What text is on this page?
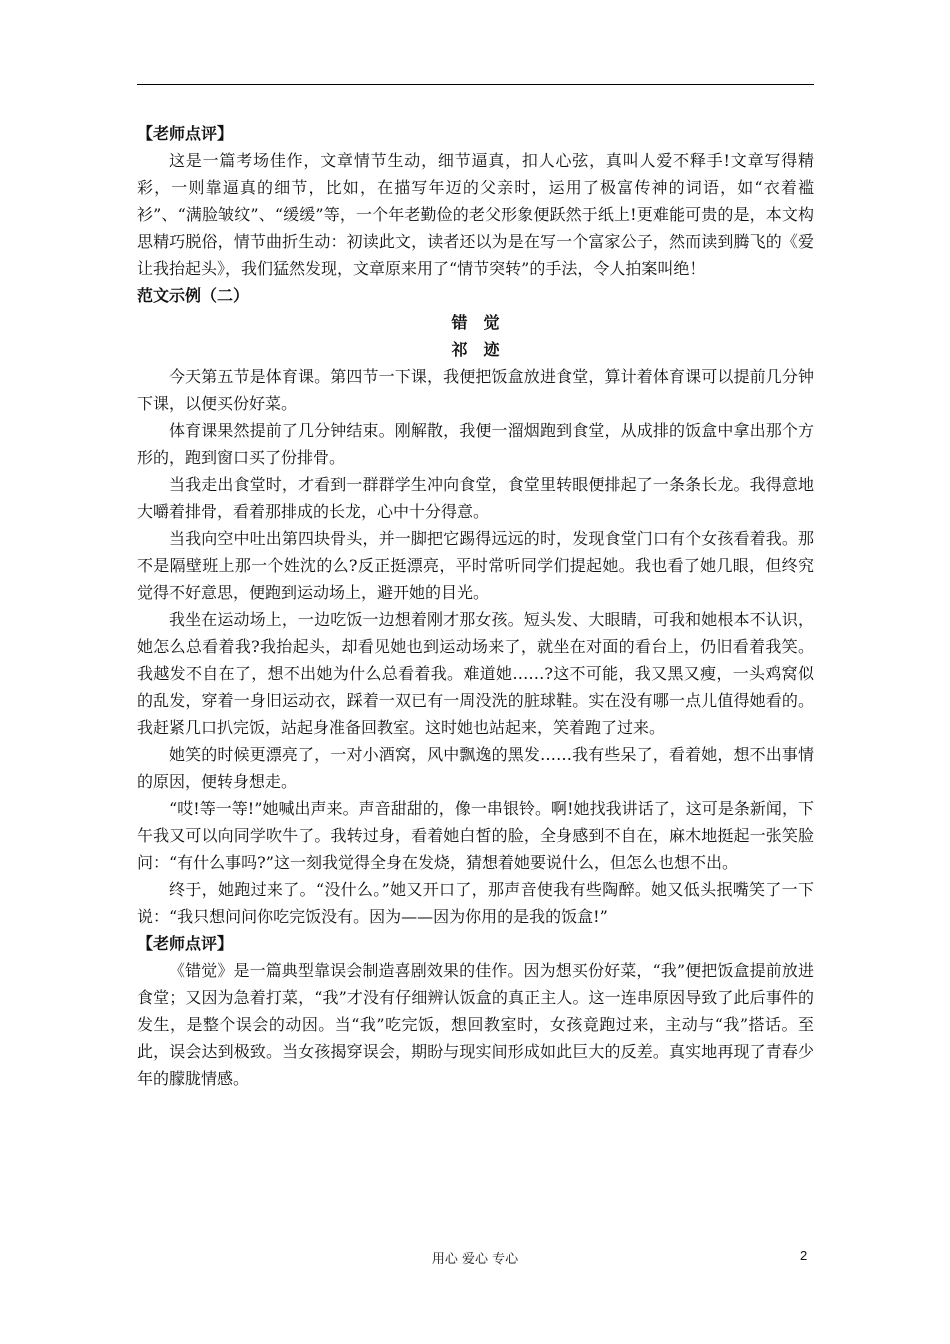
【老师点评】

这是一篇考场佳作，文章情节生动，细节逼真，扣人心弦，真叫人爱不释手!文章写得精彩，一则靠逼真的细节，比如，在描写年迈的父亲时，运用了极富传神的词语，如“衣着褴衫”、“满脸皱纹”、“缓缓”等，一个年老勤俭的老父形象便跃然于纸上!更难能可贵的是，本文构思精巧脱俗，情节曲折生动：初读此文，读者还以为是在写一个富家公子，然而读到腾飞的《爱让我抬起头》，我们猛然发现，文章原来用了“情节突转”的手法，令人拍案叫绝！

范文示例（二）
错　觉
祁　迹

今天第五节是体育课。第四节一下课，我便把饭盒放进食堂，算计着体育课可以提前几分钟下课，以便买份好菜。

体育课果然提前了几分钟结束。刚解散，我便一溜烟跑到食堂，从成排的饭盒中拿出那个方形的，跑到窗口买了份排骨。

当我走出食堂时，才看到一群群学生冲向食堂，食堂里转眼便排起了一条条长龙。我得意地大嚼着排骨，看着那排成的长龙，心中十分得意。

当我向空中吐出第四块骨头，并一脚把它踢得远远的时，发现食堂门口有个女孩看着我。那不是隔壁班上那一个姓沈的么?反正挺漂亮，平时常听同学们提起她。我也看了她几眼，但终究觉得不好意思，便跑到运动场上，避开她的目光。

我坐在运动场上，一边吃饭一边想着刚才那女孩。短头发、大眼睛，可我和她根本不认识，她怎么总看着我?我抬起头，却看见她也到运动场来了，就坐在对面的看台上，仍旧看着我笑。我越发不自在了，想不出她为什么总看着我。难道她……?这不可能，我又黑又瘦，一头鸡窝似的乱发，穿着一身旧运动衣，踩着一双已有一周没洗的脏球鞋。实在没有哪一点儿值得她看的。我赶紧几口扒完饭，站起身准备回教室。这时她也站起来，笑着跑了过来。

她笑的时候更漂亮了，一对小酒窝，风中飘逸的黑发……我有些呆了，看着她，想不出事情的原因，便转身想走。

“哎!等一等!”她喊出声来。声音甜甜的，像一串银铃。啊!她找我讲话了，这可是条新闻，下午我又可以向同学吹牛了。我转过身，看着她白皙的脸，全身感到不自在，麻木地挺起一张笑脸问：“有什么事吗?”这一刻我觉得全身在发烧，猜想着她要说什么，但怎么也想不出。

终于，她跑过来了。“没什么。”她又开口了，那声音使我有些陶醉。她又低头抿嘴笑了一下说：“我只想问问你吃完饭没有。因为——因为你用的是我的饭盒!”

【老师点评】

《错觉》是一篇典型靠误会制造喜剧效果的佳作。因为想买份好菜，“我”便把饭盒提前放进食堂；又因为急着打菜，“我”才没有仔细辨认饭盒的真正主人。这一连串原因导致了此后事件的发生，是整个误会的动因。当“我”吃完饭，想回教室时，女孩竟跑过来，主动与“我”搭话。至此，误会达到极致。当女孩揭穿误会，期盼与现实间形成如此巨大的反差。真实地再现了青春少年的朦胧情感。

用心 爱心 专心	2
